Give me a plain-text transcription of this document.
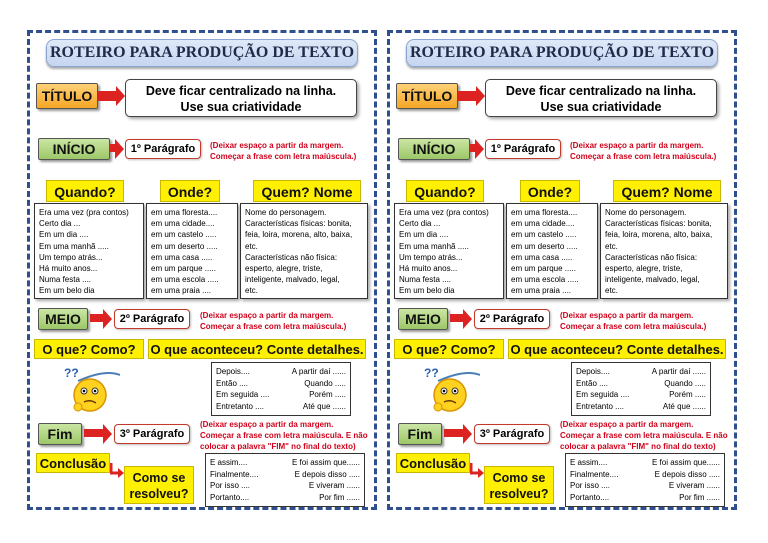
ROTEIRO PARA PRODUÇÃO DE TEXTO
TÍTULO	Deve ficar centralizado na linha.
Use sua criatividade
INÍCIO	1º Parágrafo	(Deixar espaço a partir da margem. Começar a frase com letra maiúscula.)
Quando?	Onde?	Quem? Nome
Era uma vez (pra contos)
Certo dia ...
Em um dia ....
Em uma manhã .....
Um tempo atrás...
Há muito anos...
Numa festa ....
Em um belo dia
em uma floresta....
em uma cidade....
em um castelo .....
em um deserto .....
em uma casa .....
em um parque .....
em uma escola .....
em uma praia ....
Nome do personagem.
Características físicas: bonita,
feia, loira, morena, alto, baixa,
etc.
Características não física:
esperto, alegre, triste,
inteligente, malvado, legal,
etc.
MEIO	2º Parágrafo	(Deixar espaço a partir da margem. Começar a frase com letra maiúscula.)
O que? Como?	O que aconteceu? Conte detalhes.
??	Depois....	A partir daí ......
Então ....	Quando .....
Em seguida ....	Porém .....
Entretanto ....	Até que ......
Fim	3º Parágrafo
(Deixar espaço a partir da margem. Começar a frase com letra maiúscula. E não colocar a palavra "FIM" no final do texto)
Conclusão
Como se
resolveu?
E assim....	E foi assim que......
Finalmente....	E depois disso .....
Por isso ....	E viveram ......
Portanto....	Por fim ......
ROTEIRO PARA PRODUÇÃO DE TEXTO
TÍTULO	Deve ficar centralizado na linha.
Use sua criatividade
INÍCIO	1º Parágrafo	(Deixar espaço a partir da margem. Começar a frase com letra maiúscula.)
Quando?	Onde?	Quem? Nome
Era uma vez (pra contos)
Certo dia ...
Em um dia ....
Em uma manhã .....
Um tempo atrás...
Há muito anos...
Numa festa ....
Em um belo dia
em uma floresta....
em uma cidade....
em um castelo .....
em um deserto .....
em uma casa .....
em um parque .....
em uma escola .....
em uma praia ....
Nome do personagem.
Características físicas: bonita,
feia, loira, morena, alto, baixa,
etc.
Características não física:
esperto, alegre, triste,
inteligente, malvado, legal,
etc.
MEIO	2º Parágrafo	(Deixar espaço a partir da margem. Começar a frase com letra maiúscula.)
O que? Como?	O que aconteceu? Conte detalhes.
??	Depois....	A partir daí ......
Então ....	Quando .....
Em seguida ....	Porém .....
Entretanto ....	Até que ......
Fim	3º Parágrafo
(Deixar espaço a partir da margem. Começar a frase com letra maiúscula. E não colocar a palavra "FIM" no final do texto)
Conclusão
Como se
resolveu?
E assim....	E foi assim que......
Finalmente....	E depois disso .....
Por isso ....	E viveram ......
Portanto....	Por fim ......
